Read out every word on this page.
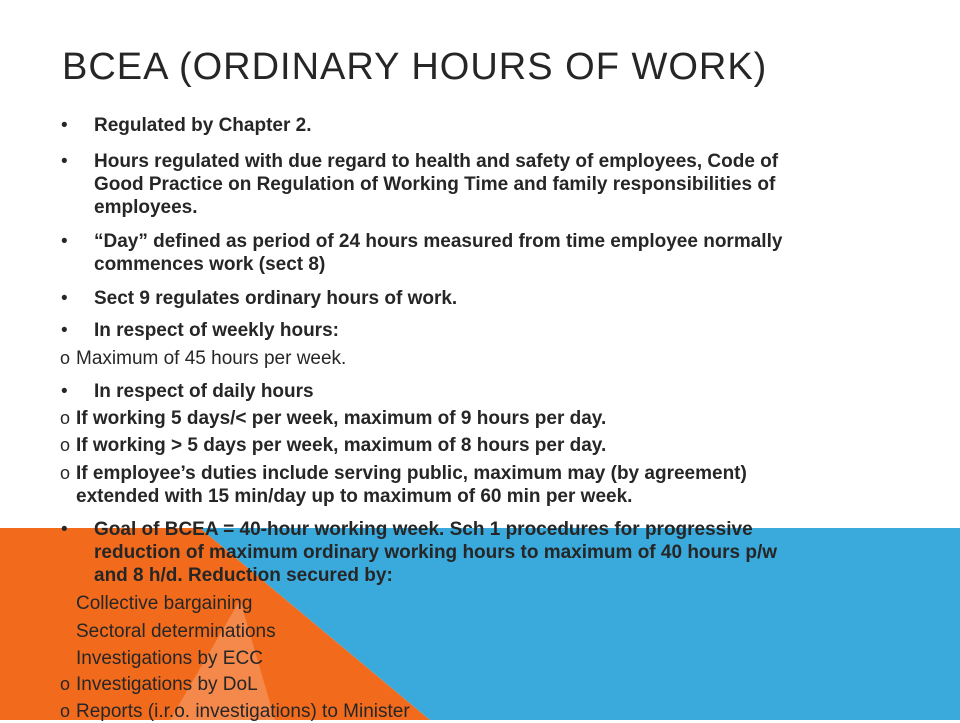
BCEA (ORDINARY HOURS OF WORK)
• Regulated by Chapter 2.
• Hours regulated with due regard to health and safety of employees, Code of
Good Practice on Regulation of Working Time and family responsibilities of
employees.
• “Day” defined as period of 24 hours measured from time employee normally
commences work (sect 8)
• Sect 9 regulates ordinary hours of work.
• In respect of weekly hours:
o Maximum of 45 hours per week.
• In respect of daily hours
o If working 5 days/< per week, maximum of 9 hours per day.
o If working > 5 days per week, maximum of 8 hours per day.
o If employee’s duties include serving public, maximum may (by agreement)
extended with 15 min/day up to maximum of 60 min per week.
• Goal of BCEA = 40-hour working week. Sch 1 procedures for progressive
reduction of maximum ordinary working hours to maximum of 40 hours p/w
and 8 h/d. Reduction secured by:
Collective bargaining
Sectoral determinations
Investigations by ECC
o Investigations by DoL
o Reports (i.r.o. investigations) to Minister
